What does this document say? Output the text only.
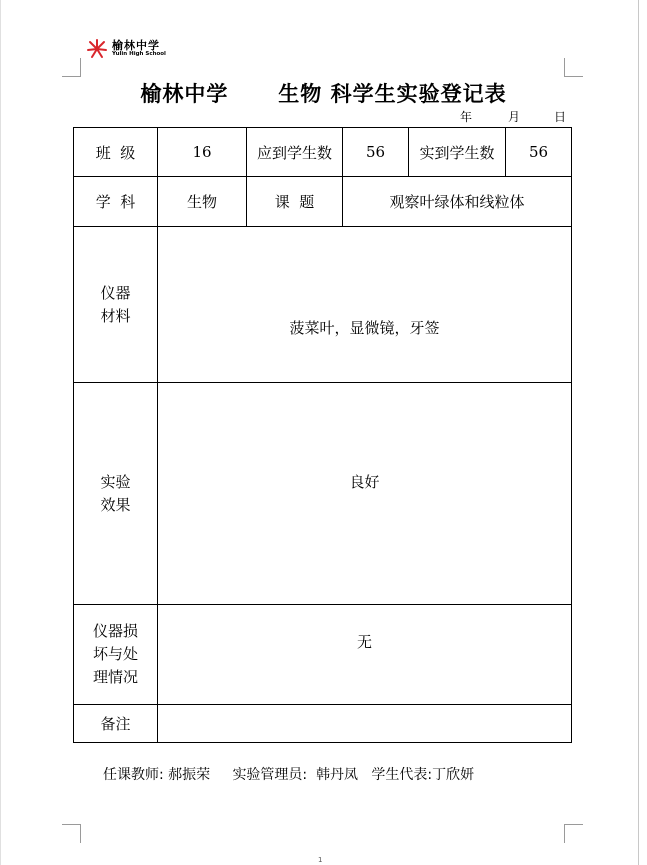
榆林中学
Yulin High School
榆林中学 生物 科学生实验登记表
年	月	日
班  级	16	应到学生数	56	实到学生数	56
学  科	生物	课  题	观察叶绿体和线粒体		

仪器
材料	菠菜叶，显微镜，牙签				

实验
效果	良好				

仪器损
坏与处
理情况	无				
备注					
任课教师: 郝振荣 实验管理员: 韩丹凤 学生代表:丁欣妍
1
